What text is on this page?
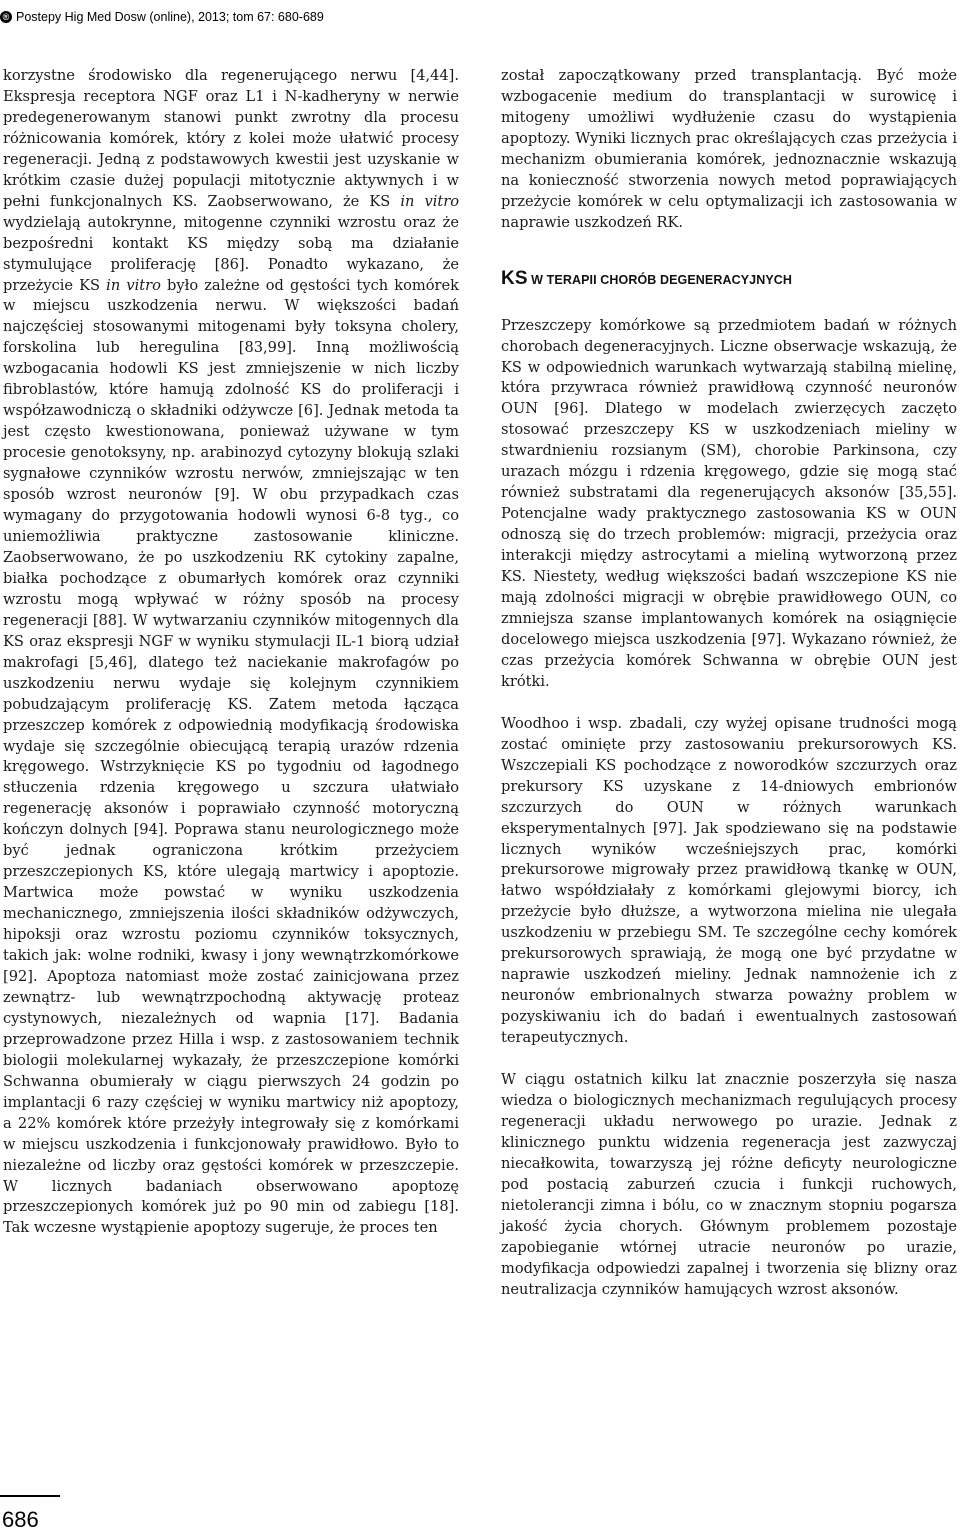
® Postepy Hig Med Dosw (online), 2013; tom 67: 680-689

korzystne środowisko dla regenerującego nerwu [4,44]. Ekspresja receptora NGF oraz L1 i N-kadheryny w nerwie predegenerowanym stanowi punkt zwrotny dla procesu różnicowania komórek, który z kolei może ułatwić procesy regeneracji. Jedną z podstawowych kwestii jest uzyskanie w krótkim czasie dużej populacji mitotycznie aktywnych i w pełni funkcjonalnych KS. Zaobserwowano, że KS in vitro wydzielają autokrynne, mitogenne czynniki wzrostu oraz że bezpośredni kontakt KS między sobą ma działanie stymulujące proliferację [86]. Ponadto wykazano, że przeżycie KS in vitro było zależne od gęstości tych komórek w miejscu uszkodzenia nerwu. W większości badań najczęściej stosowanymi mitogenami były toksyna cholery, forskolina lub heregulina [83,99]. Inną możliwością wzbogacania hodowli KS jest zmniejszenie w nich liczby fibroblastów, które hamują zdolność KS do proliferacji i współzawodniczą o składniki odżywcze [6]. Jednak metoda ta jest często kwestionowana, ponieważ używane w tym procesie genotoksyny, np. arabinozyd cytozyny blokują szlaki sygnałowe czynników wzrostu nerwów, zmniejszając w ten sposób wzrost neuronów [9]. W obu przypadkach czas wymagany do przygotowania hodowli wynosi 6-8 tyg., co uniemożliwia praktyczne zastosowanie kliniczne. Zaobserwowano, że po uszkodzeniu RK cytokiny zapalne, białka pochodzące z obumarłych komórek oraz czynniki wzrostu mogą wpływać w różny sposób na procesy regeneracji [88]. W wytwarzaniu czynników mitogennych dla KS oraz ekspresji NGF w wyniku stymulacji IL-1 biorą udział makrofagi [5,46], dlatego też naciekanie makrofagów po uszkodzeniu nerwu wydaje się kolejnym czynnikiem pobudzającym proliferację KS. Zatem metoda łącząca przeszczep komórek z odpowiednią modyfikacją środowiska wydaje się szczególnie obiecującą terapią urazów rdzenia kręgowego. Wstrzyknięcie KS po tygodniu od łagodnego stłuczenia rdzenia kręgowego u szczura ułatwiało regenerację aksonów i poprawiało czynność motoryczną kończyn dolnych [94]. Poprawa stanu neurologicznego może być jednak ograniczona krótkim przeżyciem przeszczepionych KS, które ulegają martwicy i apoptozie. Martwica może powstać w wyniku uszkodzenia mechanicznego, zmniejszenia ilości składników odżywczych, hipoksji oraz wzrostu poziomu czynników toksycznych, takich jak: wolne rodniki, kwasy i jony wewnątrzkomórkowe [92]. Apoptoza natomiast może zostać zainicjowana przez zewnątrz- lub wewnątrzpochodną aktywację proteaz cystynowych, niezależnych od wapnia [17]. Badania przeprowadzone przez Hilla i wsp. z zastosowaniem technik biologii molekularnej wykazały, że przeszczepione komórki Schwanna obumierały w ciągu pierwszych 24 godzin po implantacji 6 razy częściej w wyniku martwicy niż apoptozy, a 22% komórek które przeżyły integrowały się z komórkami w miejscu uszkodzenia i funkcjonowały prawidłowo. Było to niezależne od liczby oraz gęstości komórek w przeszczepie. W licznych badaniach obserwowano apoptozę przeszczepionych komórek już po 90 min od zabiegu [18]. Tak wczesne wystąpienie apoptozy sugeruje, że proces ten

został zapoczątkowany przed transplantacją. Być może wzbogacenie medium do transplantacji w surowicę i mitogeny umożliwi wydłużenie czasu do wystąpienia apoptozy. Wyniki licznych prac określających czas przeżycia i mechanizm obumierania komórek, jednoznacznie wskazują na konieczność stworzenia nowych metod poprawiających przeżycie komórek w celu optymalizacji ich zastosowania w naprawie uszkodzeń RK.

KS W TERAPII CHORÓB DEGENERACYJNYCH

Przeszczepy komórkowe są przedmiotem badań w różnych chorobach degeneracyjnych. Liczne obserwacje wskazują, że KS w odpowiednich warunkach wytwarzają stabilną mielinę, która przywraca również prawidłową czynność neuronów OUN [96]. Dlatego w modelach zwierzęcych zaczęto stosować przeszczepy KS w uszkodzeniach mieliny w stwardnieniu rozsianym (SM), chorobie Parkinsona, czy urazach mózgu i rdzenia kręgowego, gdzie się mogą stać również substratami dla regenerujących aksonów [35,55]. Potencjalne wady praktycznego zastosowania KS w OUN odnoszą się do trzech problemów: migracji, przeżycia oraz interakcji między astrocytami a mieliną wytworzoną przez KS. Niestety, według większości badań wszczepione KS nie mają zdolności migracji w obrębie prawidłowego OUN, co zmniejsza szanse implantowanych komórek na osiągnięcie docelowego miejsca uszkodzenia [97]. Wykazano również, że czas przeżycia komórek Schwanna w obrębie OUN jest krótki.

Woodhoo i wsp. zbadali, czy wyżej opisane trudności mogą zostać ominięte przy zastosowaniu prekursorowych KS. Wszczepiali KS pochodzące z noworodków szczurzych oraz prekursory KS uzyskane z 14-dniowych embrionów szczurzych do OUN w różnych warunkach eksperymentalnych [97]. Jak spodziewano się na podstawie licznych wyników wcześniejszych prac, komórki prekursorowe migrowały przez prawidłową tkankę w OUN, łatwo współdziałały z komórkami glejowymi biorcy, ich przeżycie było dłuższe, a wytworzona mielina nie ulegała uszkodzeniu w przebiegu SM. Te szczególne cechy komórek prekursorowych sprawiają, że mogą one być przydatne w naprawie uszkodzeń mieliny. Jednak namnożenie ich z neuronów embrionalnych stwarza poważny problem w pozyskiwaniu ich do badań i ewentualnych zastosowań terapeutycznych.

W ciągu ostatnich kilku lat znacznie poszerzyła się nasza wiedza o biologicznych mechanizmach regulujących procesy regeneracji układu nerwowego po urazie. Jednak z klinicznego punktu widzenia regeneracja jest zazwyczaj niecałkowita, towarzyszą jej różne deficyty neurologiczne pod postacią zaburzeń czucia i funkcji ruchowych, nietolerancji zimna i bólu, co w znacznym stopniu pogarsza jakość życia chorych. Głównym problemem pozostaje zapobieganie wtórnej utracie neuronów po urazie, modyfikacja odpowiedzi zapalnej i tworzenia się blizny oraz neutralizacja czynników hamujących wzrost aksonów.

686
